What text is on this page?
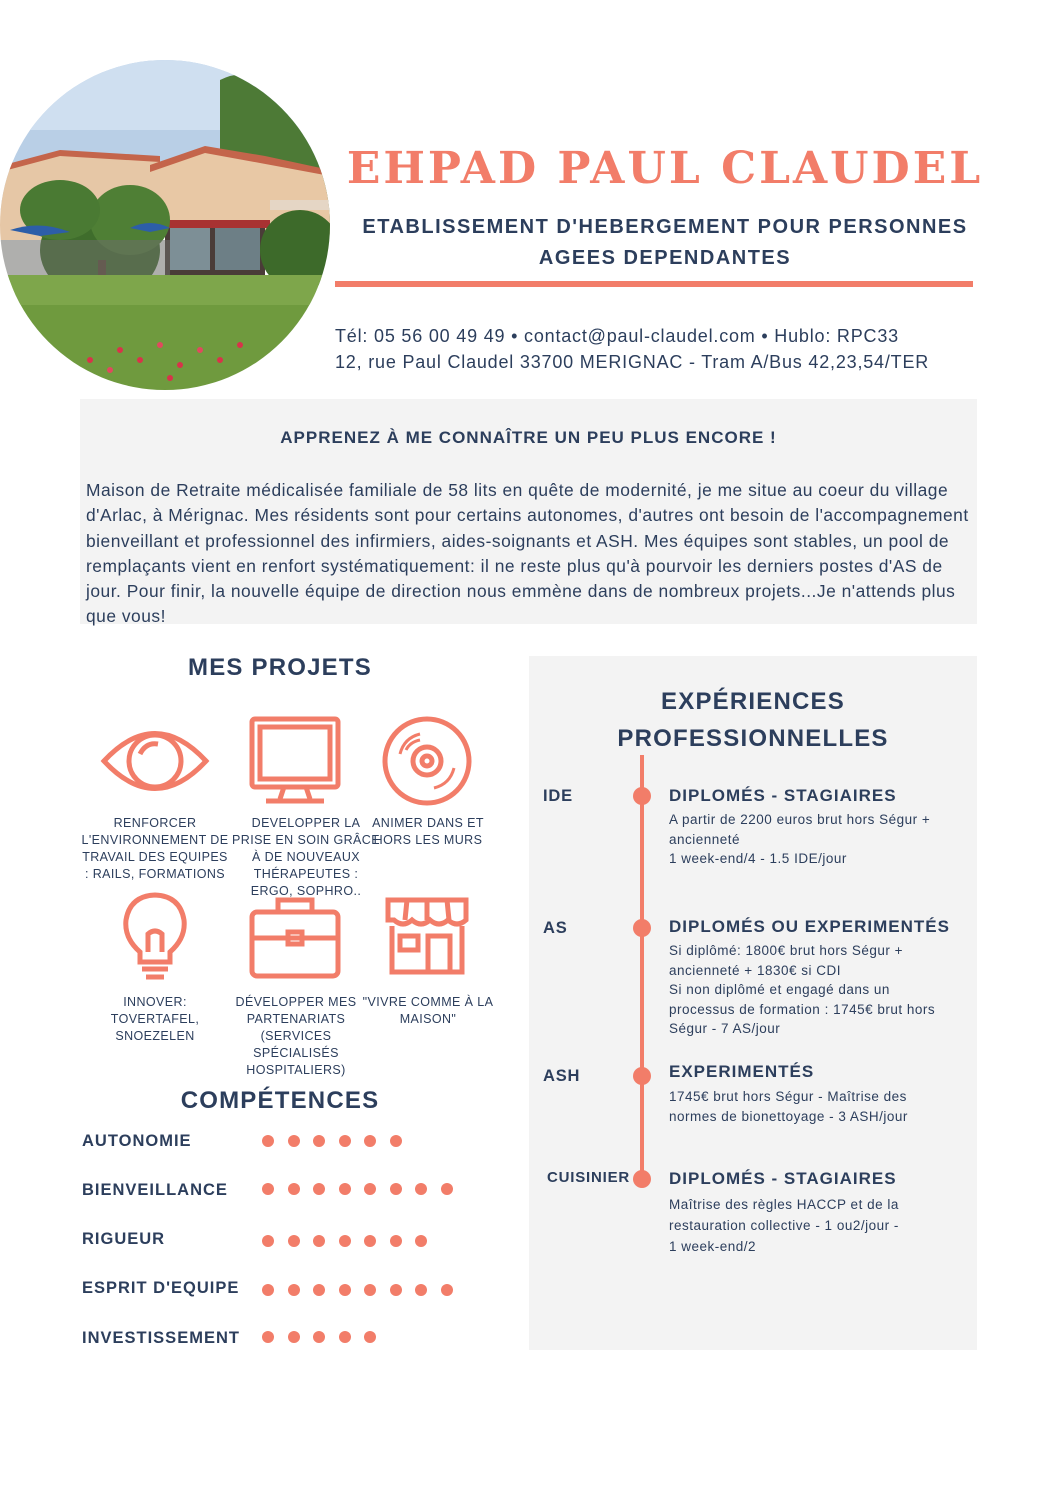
EHPAD PAUL CLAUDEL
ETABLISSEMENT D'HEBERGEMENT POUR PERSONNES
AGEES DEPENDANTES
Tél: 05 56 00 49 49 • contact@paul-claudel.com • Hublo: RPC33
12, rue Paul Claudel 33700 MERIGNAC - Tram A/Bus 42,23,54/TER
APPRENEZ À ME CONNAÎTRE UN PEU PLUS ENCORE !

Maison de Retraite médicalisée familiale de 58 lits en quête de modernité, je me situe au coeur du village d'Arlac, à Mérignac. Mes résidents sont pour certains autonomes, d'autres ont besoin de l'accompagnement bienveillant et professionnel des infirmiers, aides-soignants et ASH. Mes équipes sont stables, un pool de remplaçants vient en renfort systématiquement: il ne reste plus qu'à pourvoir les derniers postes d'AS de jour. Pour finir, la nouvelle équipe de direction nous emmène dans de nombreux projets...Je n'attends plus que vous!

MES PROJETS
RENFORCER L'ENVIRONNEMENT DE TRAVAIL DES EQUIPES : RAILS, FORMATIONS
DEVELOPPER LA PRISE EN SOIN GRÂCE À DE NOUVEAUX THÉRAPEUTES : ERGO, SOPHRO..
ANIMER DANS ET HORS LES MURS
INNOVER: TOVERTAFEL, SNOEZELEN
DÉVELOPPER MES PARTENARIATS (SERVICES SPÉCIALISÉS HOSPITALIERS)
"VIVRE COMME À LA MAISON"
COMPÉTENCES
AUTONOMIE
BIENVEILLANCE
RIGUEUR
ESPRIT D'EQUIPE
INVESTISSEMENT
EXPÉRIENCES
PROFESSIONNELLES
IDE	DIPLOMÉS - STAGIAIRES
A partir de 2200 euros brut hors Ségur +
ancienneté
1 week-end/4 - 1.5 IDE/jour
AS	DIPLOMÉS OU EXPERIMENTÉS
Si diplômé: 1800€ brut hors Ségur +
ancienneté + 1830€ si CDI
Si non diplômé et engagé dans un
processus de formation : 1745€ brut hors
Ségur - 7 AS/jour
ASH	EXPERIMENTÉS
1745€ brut hors Ségur - Maîtrise des
normes de bionettoyage - 3 ASH/jour
CUISINIER DIPLOMÉS - STAGIAIRES
Maîtrise des règles HACCP et de la
restauration collective - 1 ou2/jour -
1 week-end/2
